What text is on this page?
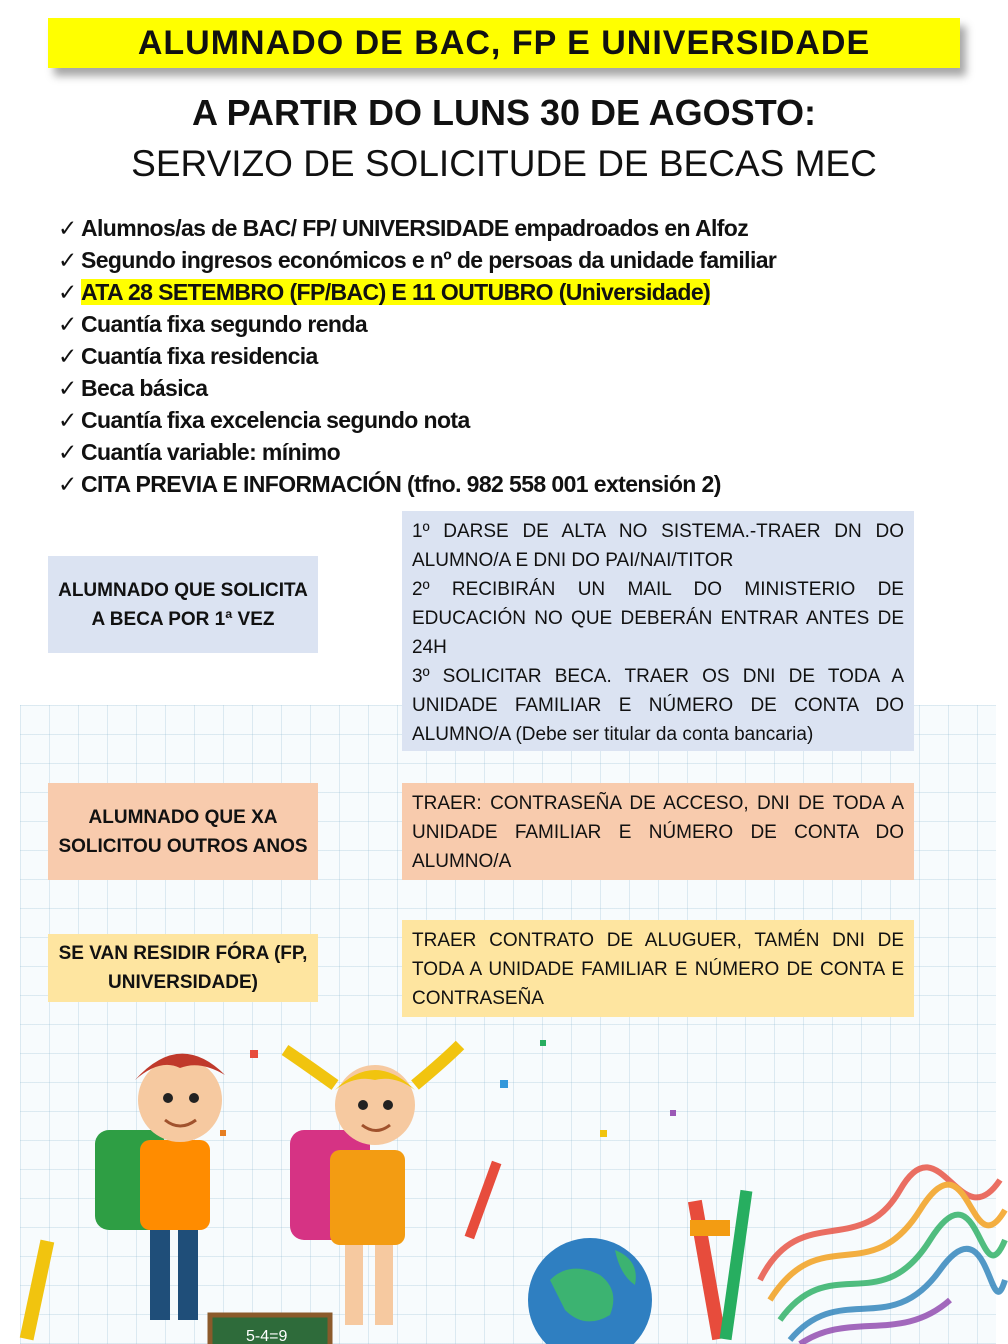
ALUMNADO DE BAC, FP E UNIVERSIDADE
A PARTIR DO LUNS 30 DE AGOSTO:
SERVIZO DE SOLICITUDE DE BECAS MEC
✓ Alumnos/as de BAC/ FP/ UNIVERSIDADE empadroados en Alfoz
✓ Segundo ingresos económicos e nº de persoas da unidade familiar
✓ ATA 28 SETEMBRO (FP/BAC) E 11 OUTUBRO (Universidade)
✓ Cuantía fixa segundo renda
✓ Cuantía fixa residencia
✓ Beca básica
✓ Cuantía fixa excelencia segundo nota
✓ Cuantía variable: mínimo
✓ CITA PREVIA E INFORMACIÓN (tfno. 982 558 001 extensión 2)
ALUMNADO QUE SOLICITA A BECA POR 1ª VEZ

1º DARSE DE ALTA NO SISTEMA.-TRAER DN DO ALUMNO/A E DNI DO PAI/NAI/TITOR

2º RECIBIRÁN UN MAIL DO MINISTERIO DE EDUCACIÓN NO QUE DEBERÁN ENTRAR ANTES DE 24H

3º SOLICITAR BECA. TRAER OS DNI DE TODA A UNIDADE FAMILIAR E NÚMERO DE CONTA DO ALUMNO/A (Debe ser titular da conta bancaria)

ALUMNADO QUE XA SOLICITOU OUTROS ANOS

TRAER: CONTRASEÑA DE ACCESO, DNI DE TODA A UNIDADE FAMILIAR E NÚMERO DE CONTA DO ALUMNO/A

SE VAN RESIDIR FÓRA (FP, UNIVERSIDADE)

TRAER CONTRATO DE ALUGUER, TAMÉN DNI DE TODA A UNIDADE FAMILIAR E NÚMERO DE CONTA E CONTRASEÑA

5-4=9
